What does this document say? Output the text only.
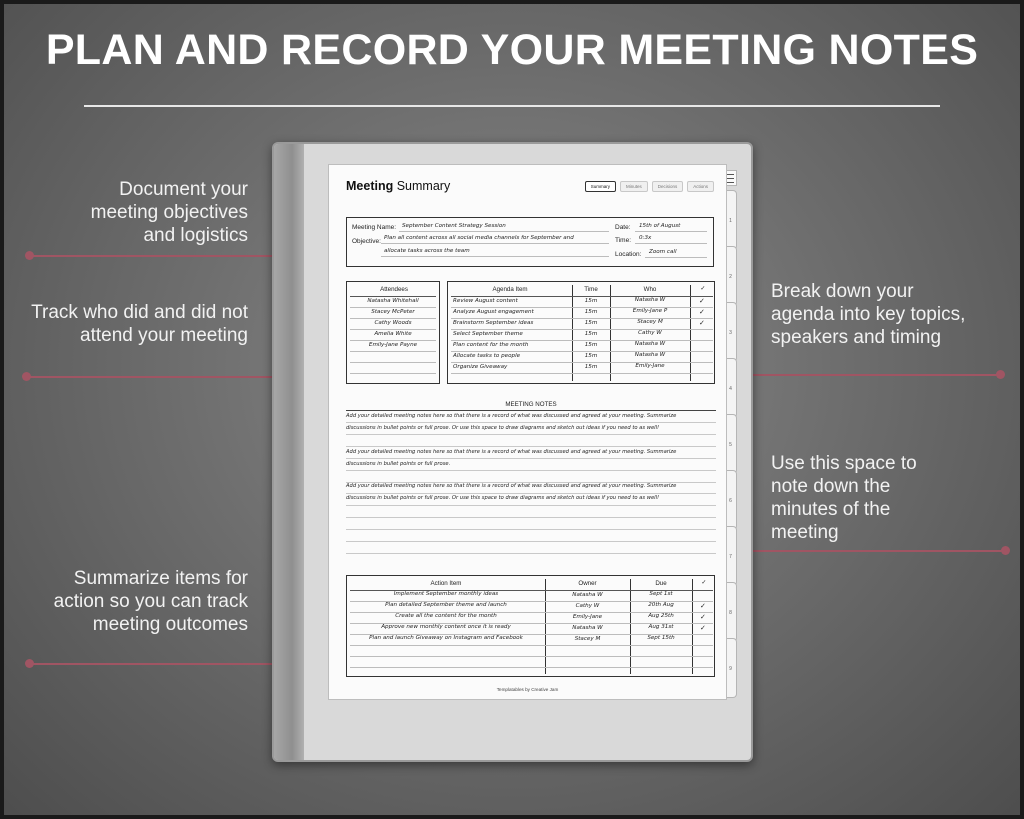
PLAN AND RECORD YOUR MEETING NOTES
Document your meeting objectives and logistics
Track who did and did not attend your meeting
Summarize items for action so you can track meeting outcomes
Break down your agenda into key topics, speakers and timing
Use this space to note down the minutes of the meeting
1
2
3
4
5
6
7
8
9
Meeting Summary	Summary	Minutes	Decisions	Actions
Meeting Name: September Content Strategy Session
Objective: Plan all content across all social media channels for September and
allocate tasks across the team
Date: 15th of August
Time: 0:3x
Location: Zoom call
Attendees
Natasha Whitehall
Stacey McPeter
Cathy Woods
Amelia White
Emily-Jane Payne
Agenda Item	Time	Who	✓
Review August content	15m	Natasha W	✓
Analyze August engagement	15m	Emily-Jane P	✓
Brainstorm September ideas	15m	Stacey M	✓
Select September theme	15m	Cathy W
Plan content for the month	15m	Natasha W
Allocate tasks to people	15m	Natasha W
Organize Giveaway	15m	Emily-Jane
MEETING NOTES
Add your detailed meeting notes here so that there is a record of what was discussed and agreed at your meeting. Summarize
discussions in bullet points or full prose. Or use this space to draw diagrams and sketch out ideas if you need to as well!
Add your detailed meeting notes here so that there is a record of what was discussed and agreed at your meeting. Summarize
discussions in bullet points or full prose.
Add your detailed meeting notes here so that there is a record of what was discussed and agreed at your meeting. Summarize
discussions in bullet points or full prose. Or use this space to draw diagrams and sketch out ideas if you need to as well!
Action Item	Owner	Due	✓
Implement September monthly ideas	Natasha W	Sept 1st
Plan detailed September theme and launch	Cathy W	20th Aug	✓
Create all the content for the month	Emily-Jane	Aug 25th	✓
Approve new monthly content once it is ready	Natasha W	Aug 31st	✓
Plan and launch Giveaway on Instagram and Facebook	Stacey M	Sept 15th
Templatables by Creative Jam
